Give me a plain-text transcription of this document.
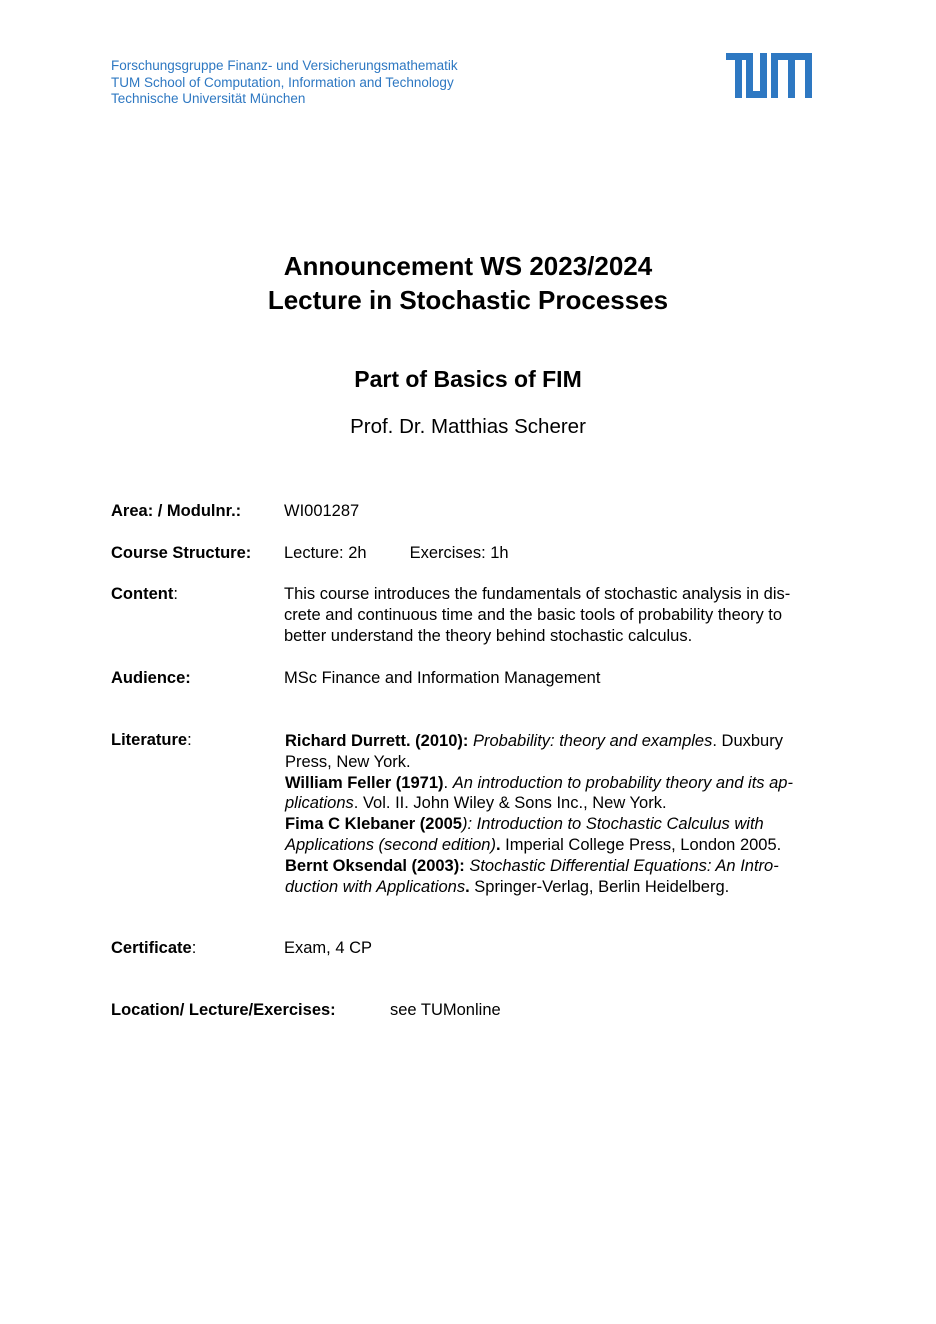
Forschungsgruppe Finanz- und Versicherungsmathematik
TUM School of Computation, Information and Technology
Technische Universität München
Announcement WS 2023/2024
Lecture in Stochastic Processes
Part of Basics of FIM
Prof. Dr. Matthias Scherer
Area: / Modulnr.:	WI001287
Course Structure: Lecture: 2h	Exercises: 1h
Content:	This course introduces the fundamentals of stochastic analysis in dis-
crete and continuous time and the basic tools of probability theory to
better understand the theory behind stochastic calculus.
Audience:	MSc Finance and Information Management
Literature:	Richard Durrett. (2010): Probability: theory and examples. Duxbury

Press, New York.

William Feller (1971). An introduction to probability theory and its ap-

plications. Vol. II. John Wiley & Sons Inc., New York.

Fima C Klebaner (2005): Introduction to Stochastic Calculus with

Applications (second edition). Imperial College Press, London 2005.

Bernt Oksendal (2003): Stochastic Differential Equations: An Intro-

duction with Applications. Springer-Verlag, Berlin Heidelberg.

Certificate:	Exam, 4 CP
Location/ Lecture/Exercises:	see TUMonline
